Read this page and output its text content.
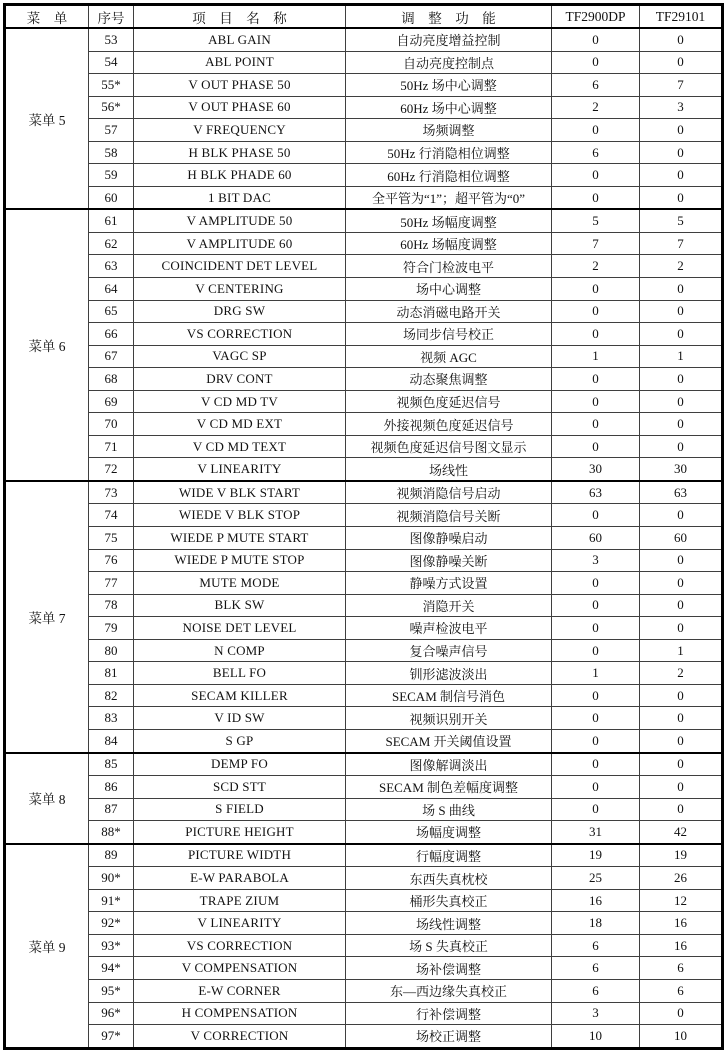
菜　单	序号	项　目　名　称	调　整　功　能	TF2900DP	TF29101
菜单 5	53	ABL GAIN	自动亮度增益控制	0	0
	54	ABL POINT	自动亮度控制点	0	0
	55*	V OUT PHASE 50	50Hz 场中心调整	6	7
	56*	V OUT PHASE 60	60Hz 场中心调整	2	3
	57	V FREQUENCY	场频调整	0	0
	58	H BLK PHASE 50	50Hz 行消隐相位调整	6	0
	59	H BLK PHADE 60	60Hz 行消隐相位调整	0	0
	60	1 BIT DAC	全平管为“1”；超平管为“0”	0	0
菜单 6	61	V AMPLITUDE 50	50Hz 场幅度调整	5	5
	62	V AMPLITUDE 60	60Hz 场幅度调整	7	7
	63	COINCIDENT DET LEVEL	符合门检波电平	2	2
	64	V CENTERING	场中心调整	0	0
	65	DRG SW	动态消磁电路开关	0	0
	66	VS CORRECTION	场同步信号校正	0	0
	67	VAGC SP	视频 AGC	1	1
	68	DRV CONT	动态聚焦调整	0	0
	69	V CD MD TV	视频色度延迟信号	0	0
	70	V CD MD EXT	外接视频色度延迟信号	0	0
	71	V CD MD TEXT	视频色度延迟信号图文显示	0	0
	72	V LINEARITY	场线性	30	30
菜单 7	73	WIDE V BLK START	视频消隐信号启动	63	63
	74	WIEDE V BLK STOP	视频消隐信号关断	0	0
	75	WIEDE P MUTE START	图像静噪启动	60	60
	76	WIEDE P MUTE STOP	图像静噪关断	3	0
	77	MUTE MODE	静噪方式设置	0	0
	78	BLK SW	消隐开关	0	0
	79	NOISE DET LEVEL	噪声检波电平	0	0
	80	N COMP	复合噪声信号	0	1
	81	BELL FO	钏形滤波淡出	1	2
	82	SECAM KILLER	SECAM 制信号消色	0	0
	83	V ID SW	视频识别开关	0	0
	84	S GP	SECAM 开关阈值设置	0	0
菜单 8	85	DEMP FO	图像解调淡出	0	0
	86	SCD STT	SECAM 制色差幅度调整	0	0
	87	S FIELD	场 S 曲线	0	0
	88*	PICTURE HEIGHT	场幅度调整	31	42
菜单 9	89	PICTURE WIDTH	行幅度调整	19	19
	90*	E-W PARABOLA	东西失真枕校	25	26
	91*	TRAPE ZIUM	桶形失真校正	16	12
	92*	V LINEARITY	场线性调整	18	16
	93*	VS CORRECTION	场 S 失真校正	6	16
	94*	V COMPENSATION	场补偿调整	6	6
	95*	E-W CORNER	东—西边缘失真校正	6	6
	96*	H COMPENSATION	行补偿调整	3	0
	97*	V CORRECTION	场校正调整	10	10
